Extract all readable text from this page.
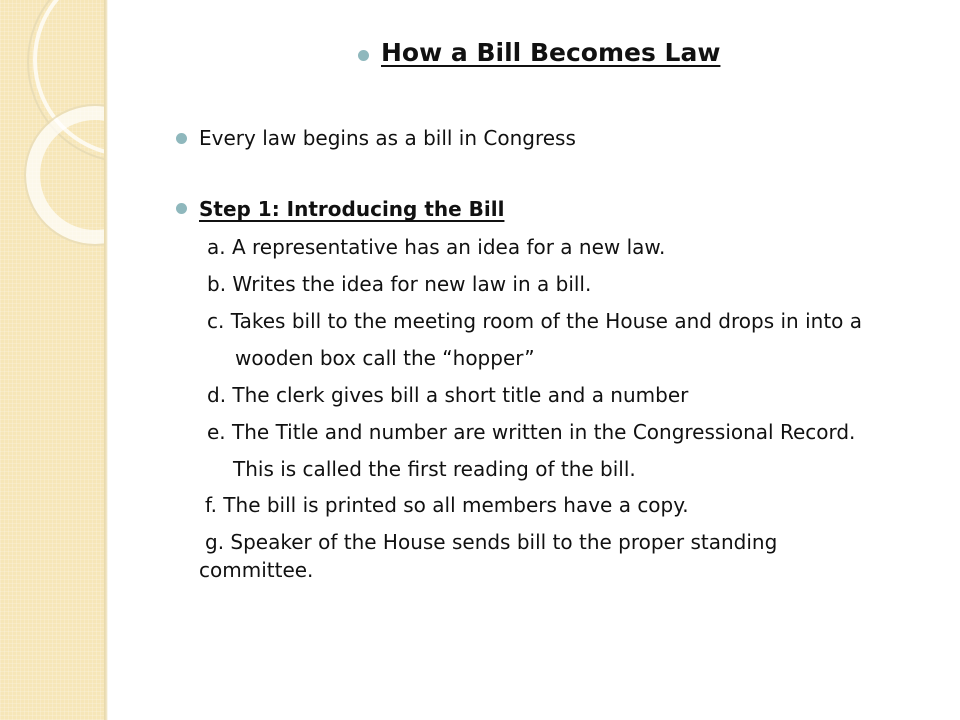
How a Bill Becomes Law
Every law begins as a bill in Congress
Step 1: Introducing the Bill
a. A representative has an idea for a new law.
b. Writes the idea for new law in a bill.
c. Takes bill to the meeting room of the House and drops in into a
wooden box call the “hopper”
d. The clerk gives bill a short title and a number
e. The Title and number are written in the Congressional Record.
This is called the first reading of the bill.
f. The bill is printed so all members have a copy.
g. Speaker of the House sends bill to the proper standing
committee.
